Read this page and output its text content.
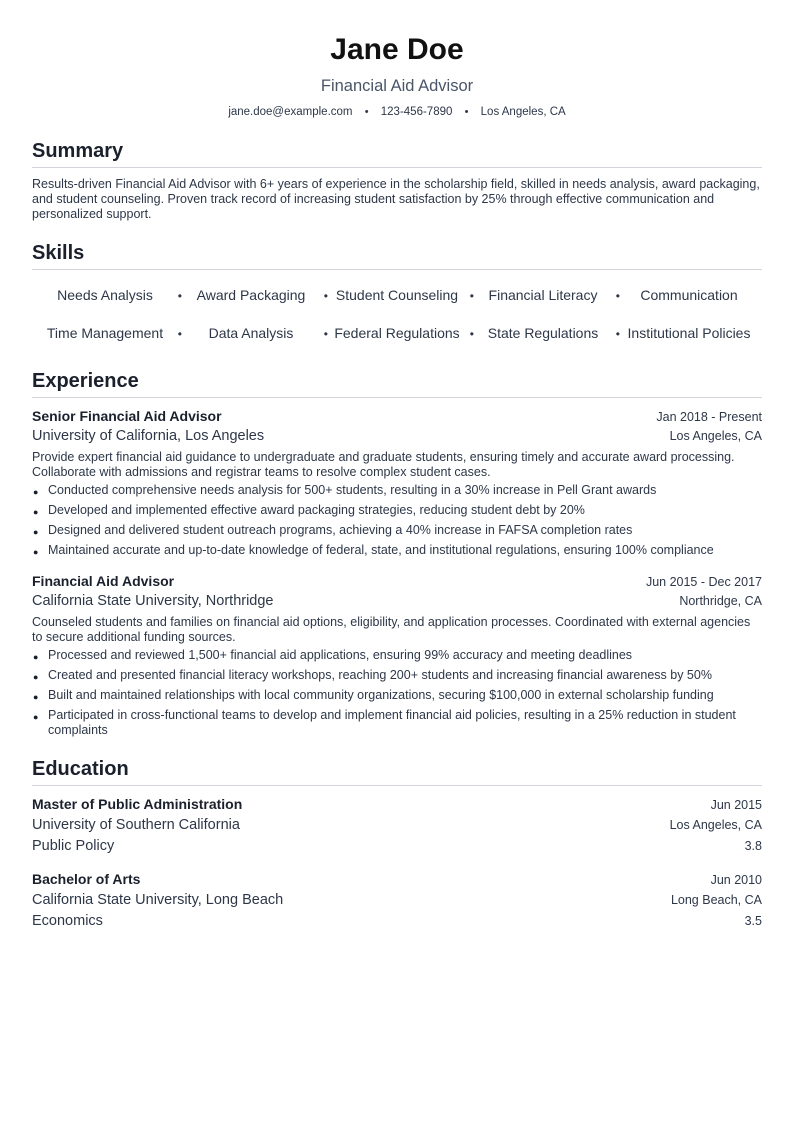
Jane Doe
Financial Aid Advisor
jane.doe@example.com • 123-456-7890 • Los Angeles, CA
Summary
Results-driven Financial Aid Advisor with 6+ years of experience in the scholarship field, skilled in needs analysis, award packaging, and student counseling. Proven track record of increasing student satisfaction by 25% through effective communication and personalized support.
Skills
Needs Analysis • Award Packaging • Student Counseling • Financial Literacy • Communication
Time Management • Data Analysis	• Federal Regulations • State Regulations • Institutional Policies
Experience
Senior Financial Aid Advisor	Jan 2018 - Present
University of California, Los Angeles	Los Angeles, CA
Provide expert financial aid guidance to undergraduate and graduate students, ensuring timely and accurate award processing. Collaborate with admissions and registrar teams to resolve complex student cases.
● Conducted comprehensive needs analysis for 500+ students, resulting in a 30% increase in Pell Grant awards
● Developed and implemented effective award packaging strategies, reducing student debt by 20%
● Designed and delivered student outreach programs, achieving a 40% increase in FAFSA completion rates
● Maintained accurate and up-to-date knowledge of federal, state, and institutional regulations, ensuring 100% compliance
Financial Aid Advisor	Jun 2015 - Dec 2017
California State University, Northridge	Northridge, CA
Counseled students and families on financial aid options, eligibility, and application processes. Coordinated with external agencies to secure additional funding sources.
● Processed and reviewed 1,500+ financial aid applications, ensuring 99% accuracy and meeting deadlines
● Created and presented financial literacy workshops, reaching 200+ students and increasing financial awareness by 50%
● Built and maintained relationships with local community organizations, securing $100,000 in external scholarship funding
● Participated in cross-functional teams to develop and implement financial aid policies, resulting in a 25% reduction in student complaints
Education
Master of Public Administration	Jun 2015
University of Southern California	Los Angeles, CA
Public Policy	3.8
Bachelor of Arts	Jun 2010
California State University, Long Beach	Long Beach, CA
Economics	3.5
